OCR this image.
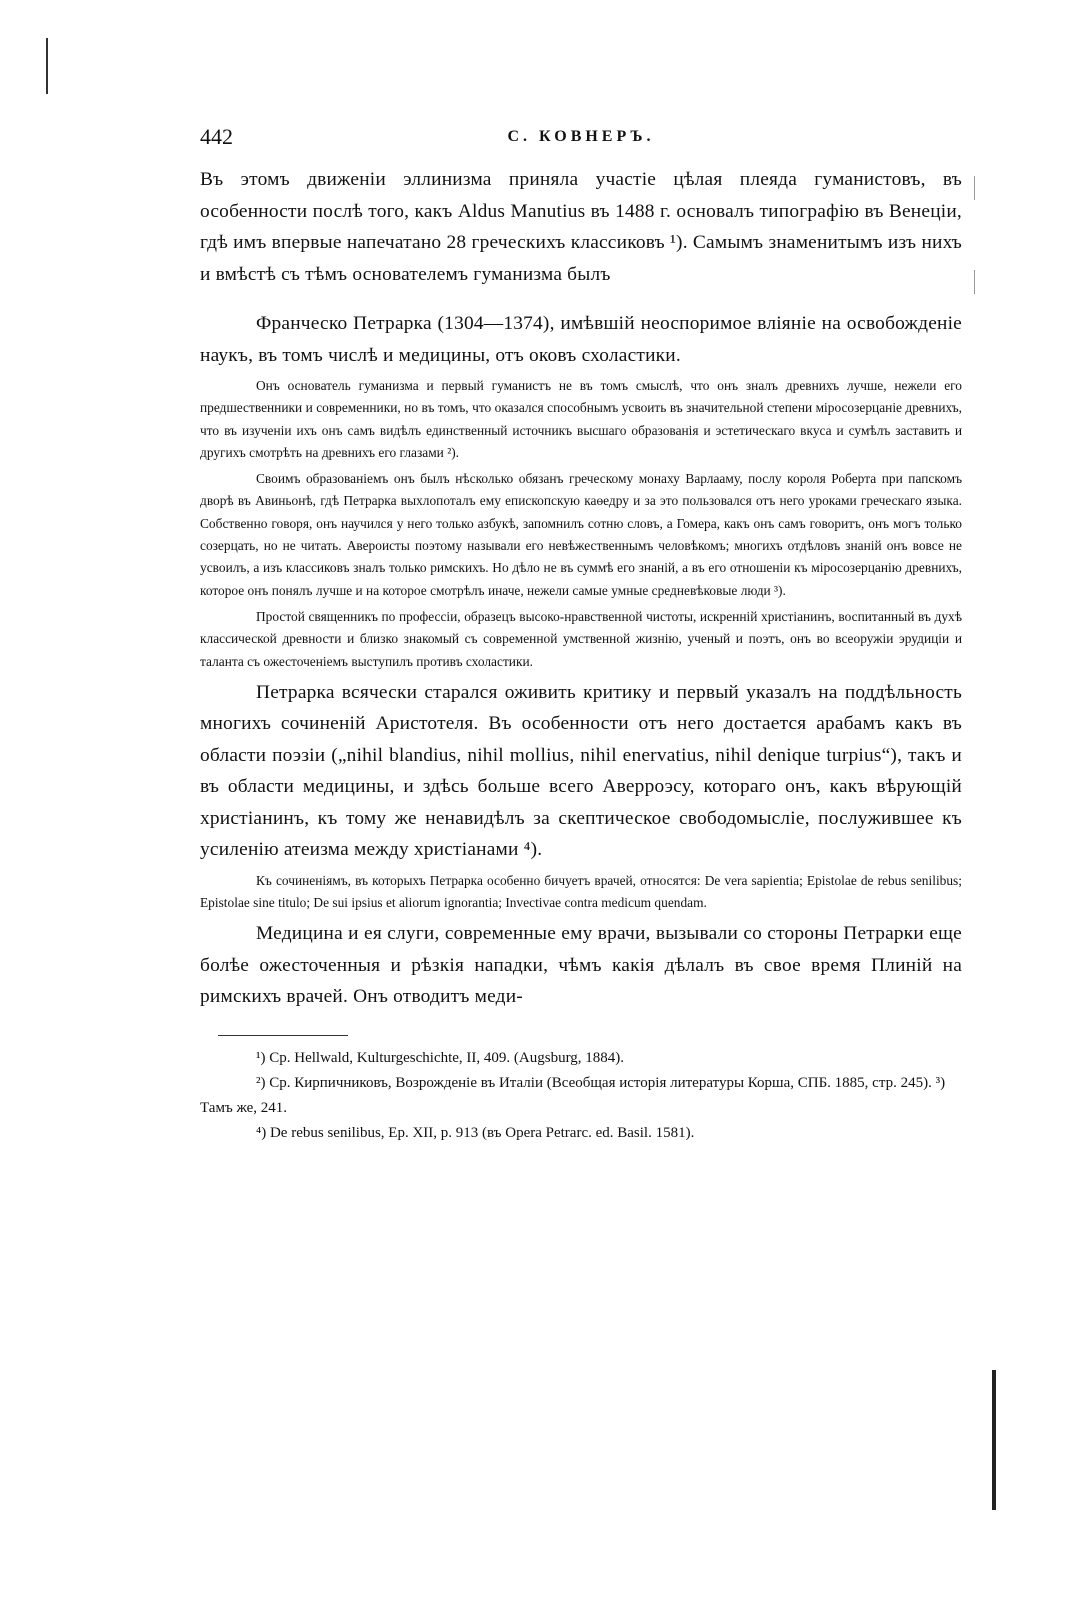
442	С. КОВНЕРЪ.

Въ этомъ движенiи эллинизма приняла участiе цѣлая плеяда гуманистовъ, въ особенности послѣ того, какъ Aldus Manutius въ 1488 г. основалъ типографiю въ Венецiи, гдѣ имъ впервые напечатано 28 греческихъ классиковъ ¹). Самымъ знаменитымъ изъ нихъ и вмѣстѣ съ тѣмъ основателемъ гуманизма былъ

Франческо Петрарка (1304—1374), имѣвшiй неоспоримое влiянiе на освобожденiе наукъ, въ томъ числѣ и медицины, отъ оковъ схоластики.

Онъ основатель гуманизма и первый гуманистъ не въ томъ смыслѣ, что онъ зналъ древнихъ лучше, нежели его предшественники и современники, но въ томъ, что оказался способнымъ усвоить въ значительной степени мiросозерцанiе древнихъ, что въ изученiи ихъ онъ самъ видѣлъ единственный источникъ высшаго образованiя и эстетическаго вкуса и сумѣлъ заставить и другихъ смотрѣть на древнихъ его глазами ²).

Своимъ образованiемъ онъ былъ нѣсколько обязанъ греческому монаху Варлааму, послу короля Роберта при папскомъ дворѣ въ Авиньонѣ, гдѣ Петрарка выхлопоталъ ему епископскую каѳедру и за это пользовался отъ него уроками греческаго языка. Собственно говоря, онъ научился у него только азбукѣ, запомнилъ сотню словъ, а Гомера, какъ онъ самъ говоритъ, онъ могъ только созерцать, но не читать. Авероисты поэтому называли его невѣжественнымъ человѣкомъ; многихъ отдѣловъ знанiй онъ вовсе не усвоилъ, а изъ классиковъ зналъ только римскихъ. Но дѣло не въ суммѣ его знанiй, а въ его отношенiи къ мiросозерцанiю древнихъ, которое онъ понялъ лучше и на которое смотрѣлъ иначе, нежели самые умные средневѣковые люди ³).

Простой священникъ по профессiи, образецъ высоко-нравственной чистоты, искреннiй христiанинъ, воспитанный въ духѣ классической древности и близко знакомый съ современной умственной жизнiю, ученый и поэтъ, онъ во всеоружiи эрудицiи и таланта съ ожесточенiемъ выступилъ противъ схоластики.

Петрарка всячески старался оживить критику и первый указалъ на поддѣльность многихъ сочиненiй Аристотеля. Въ особенности отъ него достается арабамъ какъ въ области поэзiи („nihil blandius, nihil mollius, nihil enervatius, nihil denique turpius“), такъ и въ области медицины, и здѣсь больше всего Аверроэсу, котораго онъ, какъ вѣрующiй христiанинъ, къ тому же ненавидѣлъ за скептическое свободомыслiе, послужившее къ усиленiю атеизма между христiанами ⁴).

Къ сочиненiямъ, въ которыхъ Петрарка особенно бичуетъ врачей, относятся: De vera sapientia; Epistolae de rebus senilibus; Epistolae sine titulo; De sui ipsius et aliorum ignorantia; Invectivae contra medicum quendam.

Медицина и ея слуги, современные ему врачи, вызывали со стороны Петрарки еще болѣе ожесточенныя и рѣзкiя нападки, чѣмъ какiя дѣлалъ въ свое время Плинiй на римскихъ врачей. Онъ отводитъ меди-

¹) Ср. Hellwald, Kulturgeschichte, II, 409. (Augsburg, 1884).
²) Ср. Кирпичниковъ, Возрожденiе въ Италiи (Всеобщая исторiя литературы Корша, СПБ. 1885, стр. 245). ³) Тамъ же, 241.
⁴) De rebus senilibus, Ep. XII, p. 913 (въ Opera Petrarc. ed. Basil. 1581).
